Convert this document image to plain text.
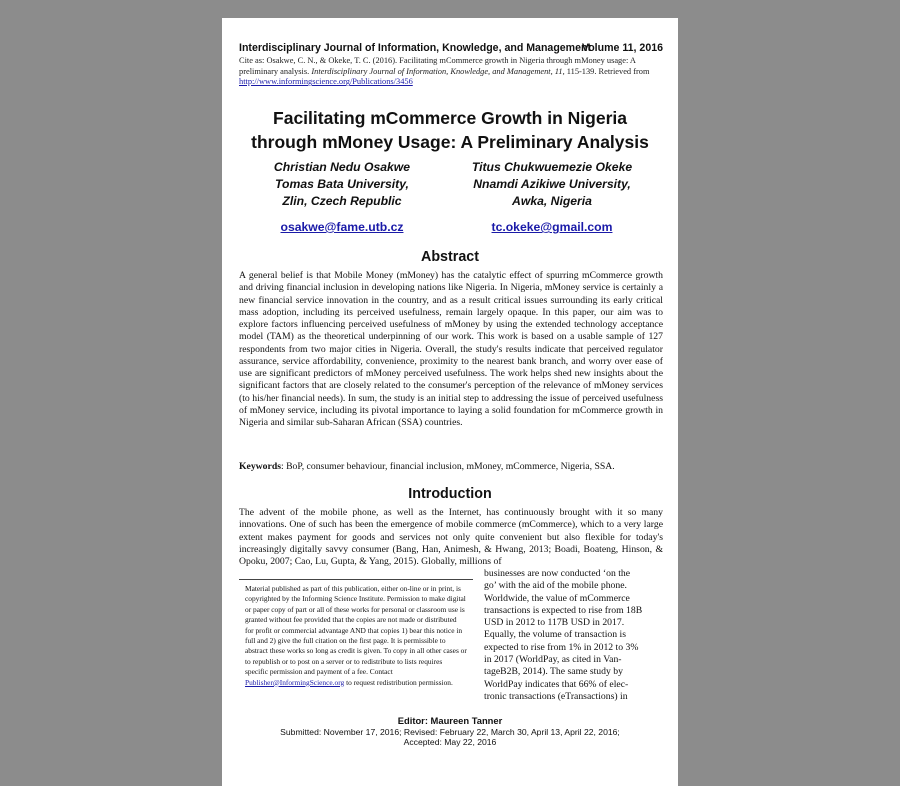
Interdisciplinary Journal of Information, Knowledge, and Management
Volume 11, 2016

Cite as: Osakwe, C. N., & Okeke, T. C. (2016). Facilitating mCommerce growth in Nigeria through mMoney usage: A preliminary analysis. Interdisciplinary Journal of Information, Knowledge, and Management, 11, 115-139. Retrieved from http://www.informingscience.org/Publications/3456

Facilitating mCommerce Growth in Nigeria
through mMoney Usage: A Preliminary Analysis
Christian Nedu Osakwe
Tomas Bata University,
Zlin, Czech Republic
Titus Chukwuemezie Okeke
Nnamdi Azikiwe University,
Awka, Nigeria
osakwe@fame.utb.cz	tc.okeke@gmail.com
Abstract

A general belief is that Mobile Money (mMoney) has the catalytic effect of spurring mCommerce growth and driving financial inclusion in developing nations like Nigeria. In Nigeria, mMoney service is certainly a new financial service innovation in the country, and as a result critical issues surrounding its early critical mass adoption, including its perceived usefulness, remain largely opaque. In this paper, our aim was to explore factors influencing perceived usefulness of mMoney by using the extended technology acceptance model (TAM) as the theoretical underpinning of our work. This work is based on a usable sample of 127 respondents from two major cities in Nigeria. Overall, the study's results indicate that perceived regulator assurance, service affordability, convenience, proximity to the nearest bank branch, and worry over ease of use are significant predictors of mMoney perceived usefulness. The work helps shed new insights about the significant factors that are closely related to the consumer's perception of the relevance of mMoney services (to his/her financial needs). In sum, the study is an initial step to addressing the issue of perceived usefulness of mMoney service, including its pivotal importance to laying a solid foundation for mCommerce growth in Nigeria and similar sub-Saharan African (SSA) countries.

Keywords: BoP, consumer behaviour, financial inclusion, mMoney, mCommerce, Nigeria, SSA.

Introduction

The advent of the mobile phone, as well as the Internet, has continuously brought with it so many innovations. One of such has been the emergence of mobile commerce (mCommerce), which to a very large extent makes payment for goods and services not only quite convenient but also flexible for today's increasingly digitally savvy consumer (Bang, Han, Animesh, & Hwang, 2013; Boadi, Boateng, Hinson, & Opoku, 2007; Cao, Lu, Gupta, & Yang, 2015). Globally, millions of

Material published as part of this publication, either on-line or in print, is copyrighted by the Informing Science Institute. Permission to make digital or paper copy of part or all of these works for personal or classroom use is granted without fee provided that the copies are not made or distributed for profit or commercial advantage AND that copies 1) bear this notice in full and 2) give the full citation on the first page. It is permissible to abstract these works so long as credit is given. To copy in all other cases or to republish or to post on a server or to redistribute to lists requires specific permission and payment of a fee. Contact Publisher@InformingScience.org to request redistribution permission.

businesses are now conducted ‘on the
go’ with the aid of the mobile phone.
Worldwide, the value of mCommerce
transactions is expected to rise from 18B
USD in 2012 to 117B USD in 2017.
Equally, the volume of transaction is
expected to rise from 1% in 2012 to 3%
in 2017 (WorldPay, as cited in Van-
tageB2B, 2014). The same study by
WorldPay indicates that 66% of elec-
tronic transactions (eTransactions) in
Editor: Maureen Tanner
Submitted: November 17, 2016; Revised: February 22, March 30, April 13, April 22, 2016;
Accepted: May 22, 2016
